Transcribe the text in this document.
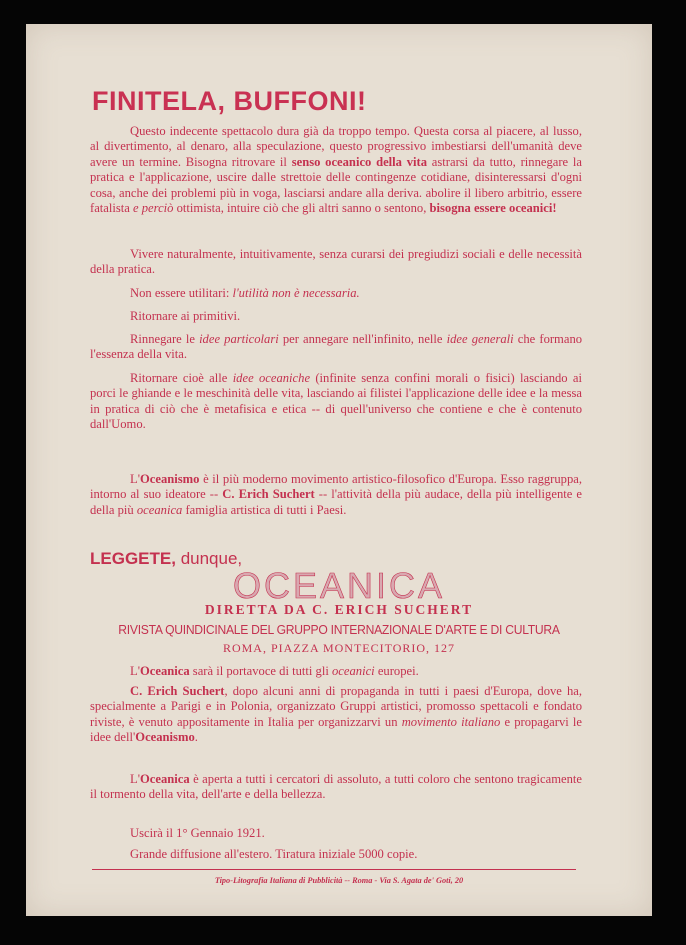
FINITELA, BUFFONI!

Questo indecente spettacolo dura già da troppo tempo. Questa corsa al piacere, al lusso, al divertimento, al denaro, alla speculazione, questo progressivo imbestiarsi dell'umanità deve avere un termine. Bisogna ritrovare il senso oceanico della vita astrarsi da tutto, rinnegare la pratica e l'applicazione, uscire dalle strettoie delle contingenze cotidiane, disinteressarsi d'ogni cosa, anche dei problemi più in voga, lasciarsi andare alla deriva. abolire il libero arbitrio, essere fatalista e perciò ottimista, intuire ciò che gli altri sanno o sentono, bisogna essere oceanici!

Vivere naturalmente, intuitivamente, senza curarsi dei pregiudizi sociali e delle necessità della pratica.

Non essere utilitari: l'utilità non è necessaria.

Ritornare ai primitivi.

Rinnegare le idee particolari per annegare nell'infinito, nelle idee generali che formano l'essenza della vita.

Ritornare cioè alle idee oceaniche (infinite senza confini morali o fisici) lasciando ai porci le ghiande e le meschinità delle vita, lasciando ai filistei l'applicazione delle idee e la messa in pratica di ciò che è metafisica e etica -- di quell'universo che contiene e che è contenuto dall'Uomo.

L'Oceanismo è il più moderno movimento artistico-filosofico d'Europa. Esso raggruppa, intorno al suo ideatore -- C. Erich Suchert -- l'attività della più audace, della più intelligente e della più oceanica famiglia artistica di tutti i Paesi.

LEGGETE, dunque,
OCEANICA
DIRETTA DA C. ERICH SUCHERT
RIVISTA QUINDICINALE DEL GRUPPO INTERNAZIONALE D'ARTE E DI CULTURA
ROMA, PIAZZA MONTECITORIO, 127

L'Oceanica sarà il portavoce di tutti gli oceanici europei.

C. Erich Suchert, dopo alcuni anni di propaganda in tutti i paesi d'Europa, dove ha, specialmente a Parigi e in Polonia, organizzato Gruppi artistici, promosso spettacoli e fondato riviste, è venuto appositamente in Italia per organizzarvi un movimento italiano e propagarvi le idee dell'Oceanismo.

L'Oceanica è aperta a tutti i cercatori di assoluto, a tutti coloro che sentono tragicamente il tormento della vita, dell'arte e della bellezza.

Uscirà il 1° Gennaio 1921.

Grande diffusione all'estero. Tiratura iniziale 5000 copie.

Tipo-Litografia Italiana di Pubblicità -- Roma - Via S. Agata de' Goti, 20
